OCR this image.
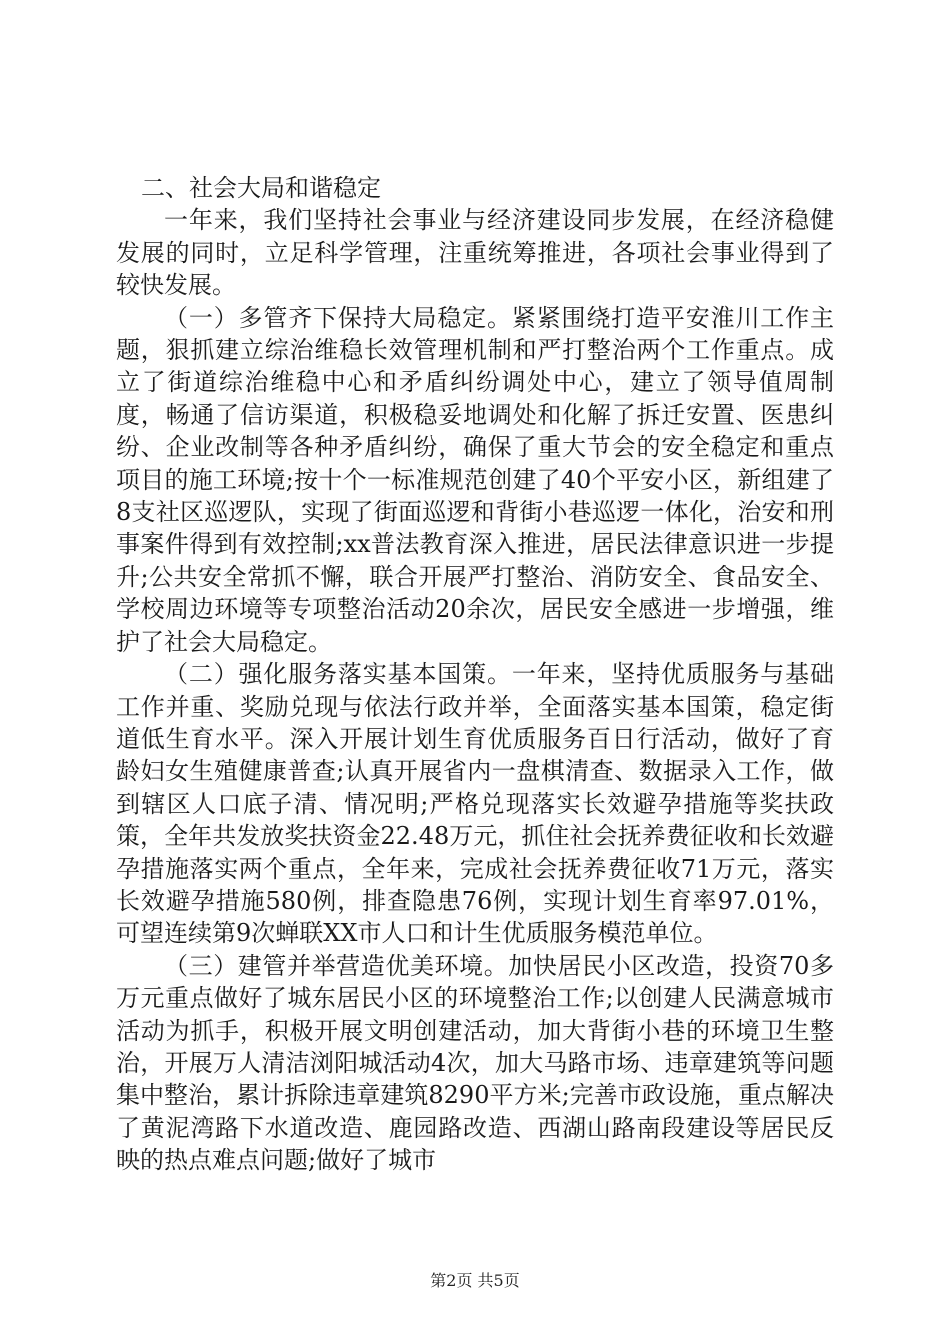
二、社会大局和谐稳定

一年来，我们坚持社会事业与经济建设同步发展，在经济稳健发展的同时，立足科学管理，注重统筹推进，各项社会事业得到了较快发展。

（一）多管齐下保持大局稳定。紧紧围绕打造平安淮川工作主题，狠抓建立综治维稳长效管理机制和严打整治两个工作重点。成立了街道综治维稳中心和矛盾纠纷调处中心，建立了领导值周制度，畅通了信访渠道，积极稳妥地调处和化解了拆迁安置、医患纠纷、企业改制等各种矛盾纠纷，确保了重大节会的安全稳定和重点项目的施工环境;按十个一标准规范创建了40个平安小区，新组建了8支社区巡逻队，实现了街面巡逻和背街小巷巡逻一体化，治安和刑事案件得到有效控制;xx普法教育深入推进，居民法律意识进一步提升;公共安全常抓不懈，联合开展严打整治、消防安全、食品安全、学校周边环境等专项整治活动20余次，居民安全感进一步增强，维护了社会大局稳定。

（二）强化服务落实基本国策。一年来，坚持优质服务与基础工作并重、奖励兑现与依法行政并举，全面落实基本国策，稳定街道低生育水平。深入开展计划生育优质服务百日行活动，做好了育龄妇女生殖健康普查;认真开展省内一盘棋清查、数据录入工作，做到辖区人口底子清、情况明;严格兑现落实长效避孕措施等奖扶政策，全年共发放奖扶资金22.48万元，抓住社会抚养费征收和长效避孕措施落实两个重点，全年来，完成社会抚养费征收71万元，落实长效避孕措施580例，排查隐患76例，实现计划生育率97.01%，可望连续第9次蝉联XX市人口和计生优质服务模范单位。

（三）建管并举营造优美环境。加快居民小区改造，投资70多万元重点做好了城东居民小区的环境整治工作;以创建人民满意城市活动为抓手，积极开展文明创建活动，加大背街小巷的环境卫生整治，开展万人清洁浏阳城活动4次，加大马路市场、违章建筑等问题集中整治，累计拆除违章建筑8290平方米;完善市政设施，重点解决了黄泥湾路下水道改造、鹿园路改造、西湖山路南段建设等居民反映的热点难点问题;做好了城市

第2页 共5页
